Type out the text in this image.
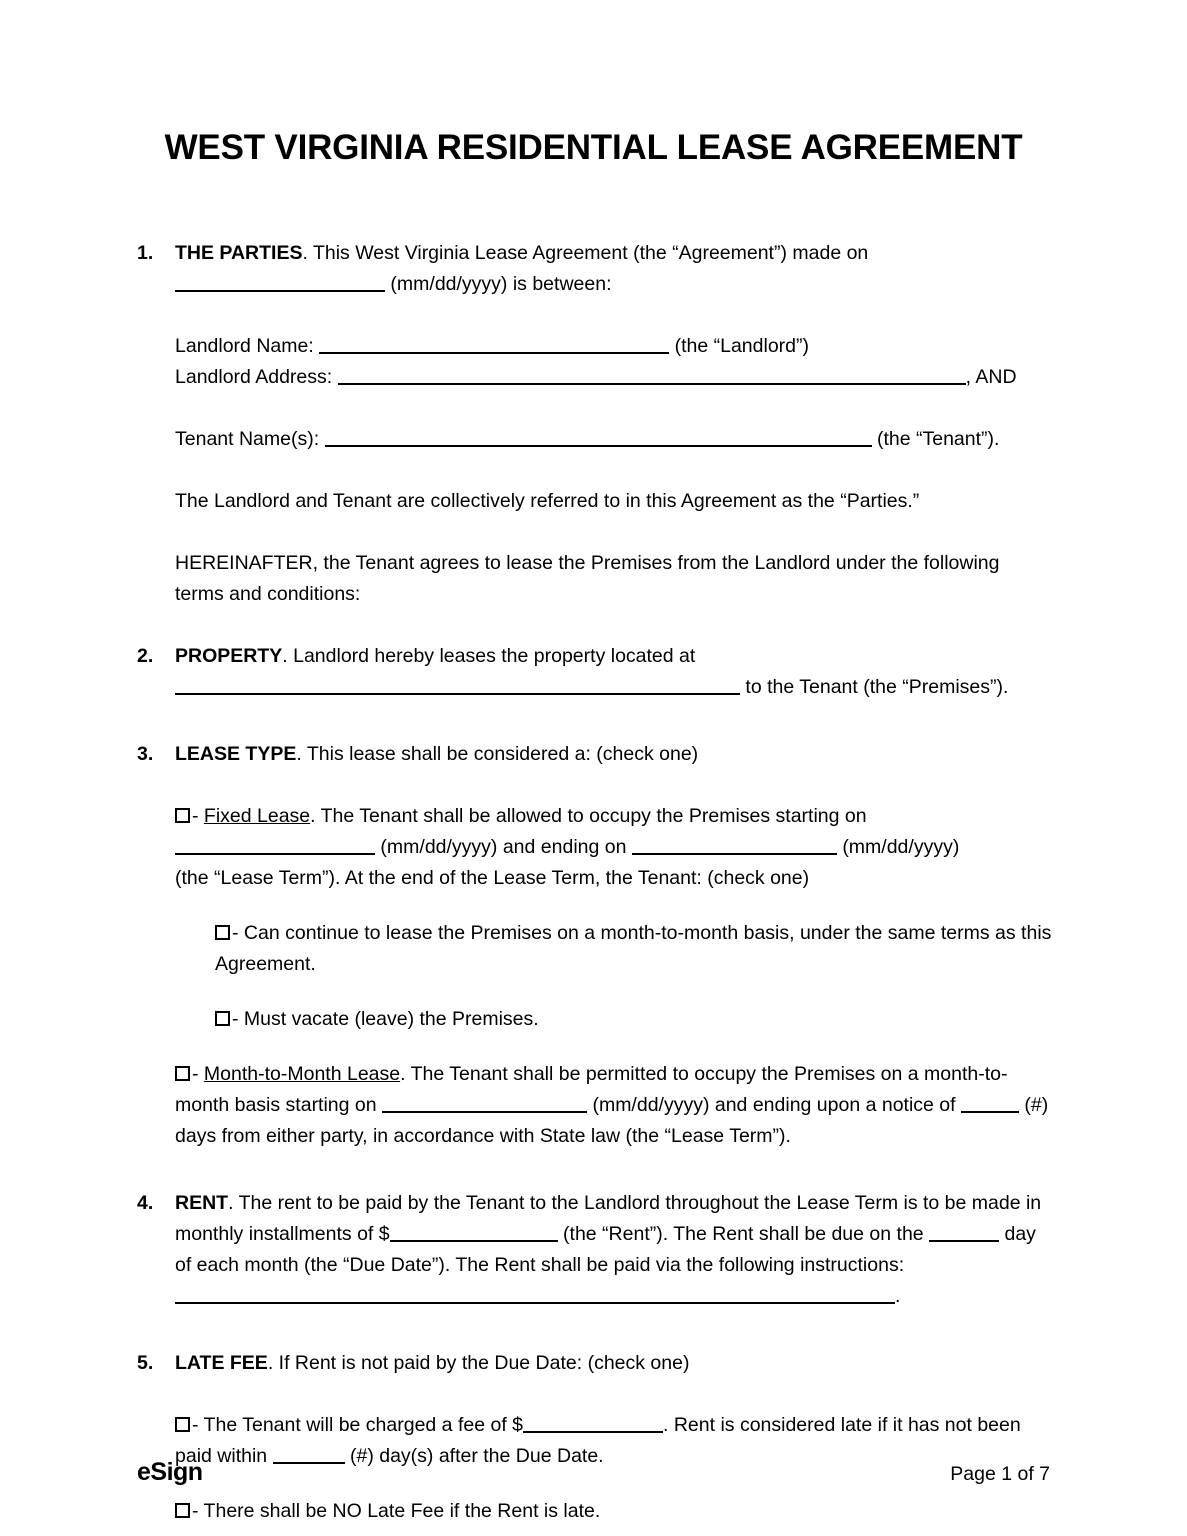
WEST VIRGINIA RESIDENTIAL LEASE AGREEMENT
1.	THE PARTIES. This West Virginia Lease Agreement (the “Agreement”) made on

(mm/dd/yyyy) is between:

Landlord Name:	(the “Landlord”)

Landlord Address:	, AND

Tenant Name(s):	(the “Tenant”).

The Landlord and Tenant are collectively referred to in this Agreement as the “Parties.”

HEREINAFTER, the Tenant agrees to lease the Premises from the Landlord under the following terms and conditions:

2.	PROPERTY. Landlord hereby leases the property located at

to the Tenant (the “Premises”).

3.	LEASE TYPE. This lease shall be considered a: (check one)

- Fixed Lease. The Tenant shall be allowed to occupy the Premises starting on

(mm/dd/yyyy) and ending on	(mm/dd/yyyy)

(the “Lease Term”). At the end of the Lease Term, the Tenant: (check one)

- Can continue to lease the Premises on a month-to-month basis, under the same terms as this Agreement.

- Must vacate (leave) the Premises.

- Month-to-Month Lease. The Tenant shall be permitted to occupy the Premises on a month-to-month basis starting on	(mm/dd/yyyy) and ending upon a notice of	(#) days from either party, in accordance with State law (the “Lease Term”).

4.	RENT. The rent to be paid by the Tenant to the Landlord throughout the Lease Term is to be made in monthly installments of $	(the “Rent”). The Rent shall be due on the	day of each month (the “Due Date”). The Rent shall be paid via the following instructions: .

5.	LATE FEE. If Rent is not paid by the Due Date: (check one)

- The Tenant will be charged a fee of $	. Rent is considered late if it has not been paid within	(#) day(s) after the Due Date.

- There shall be NO Late Fee if the Rent is late.

eSign	Page 1 of 7
